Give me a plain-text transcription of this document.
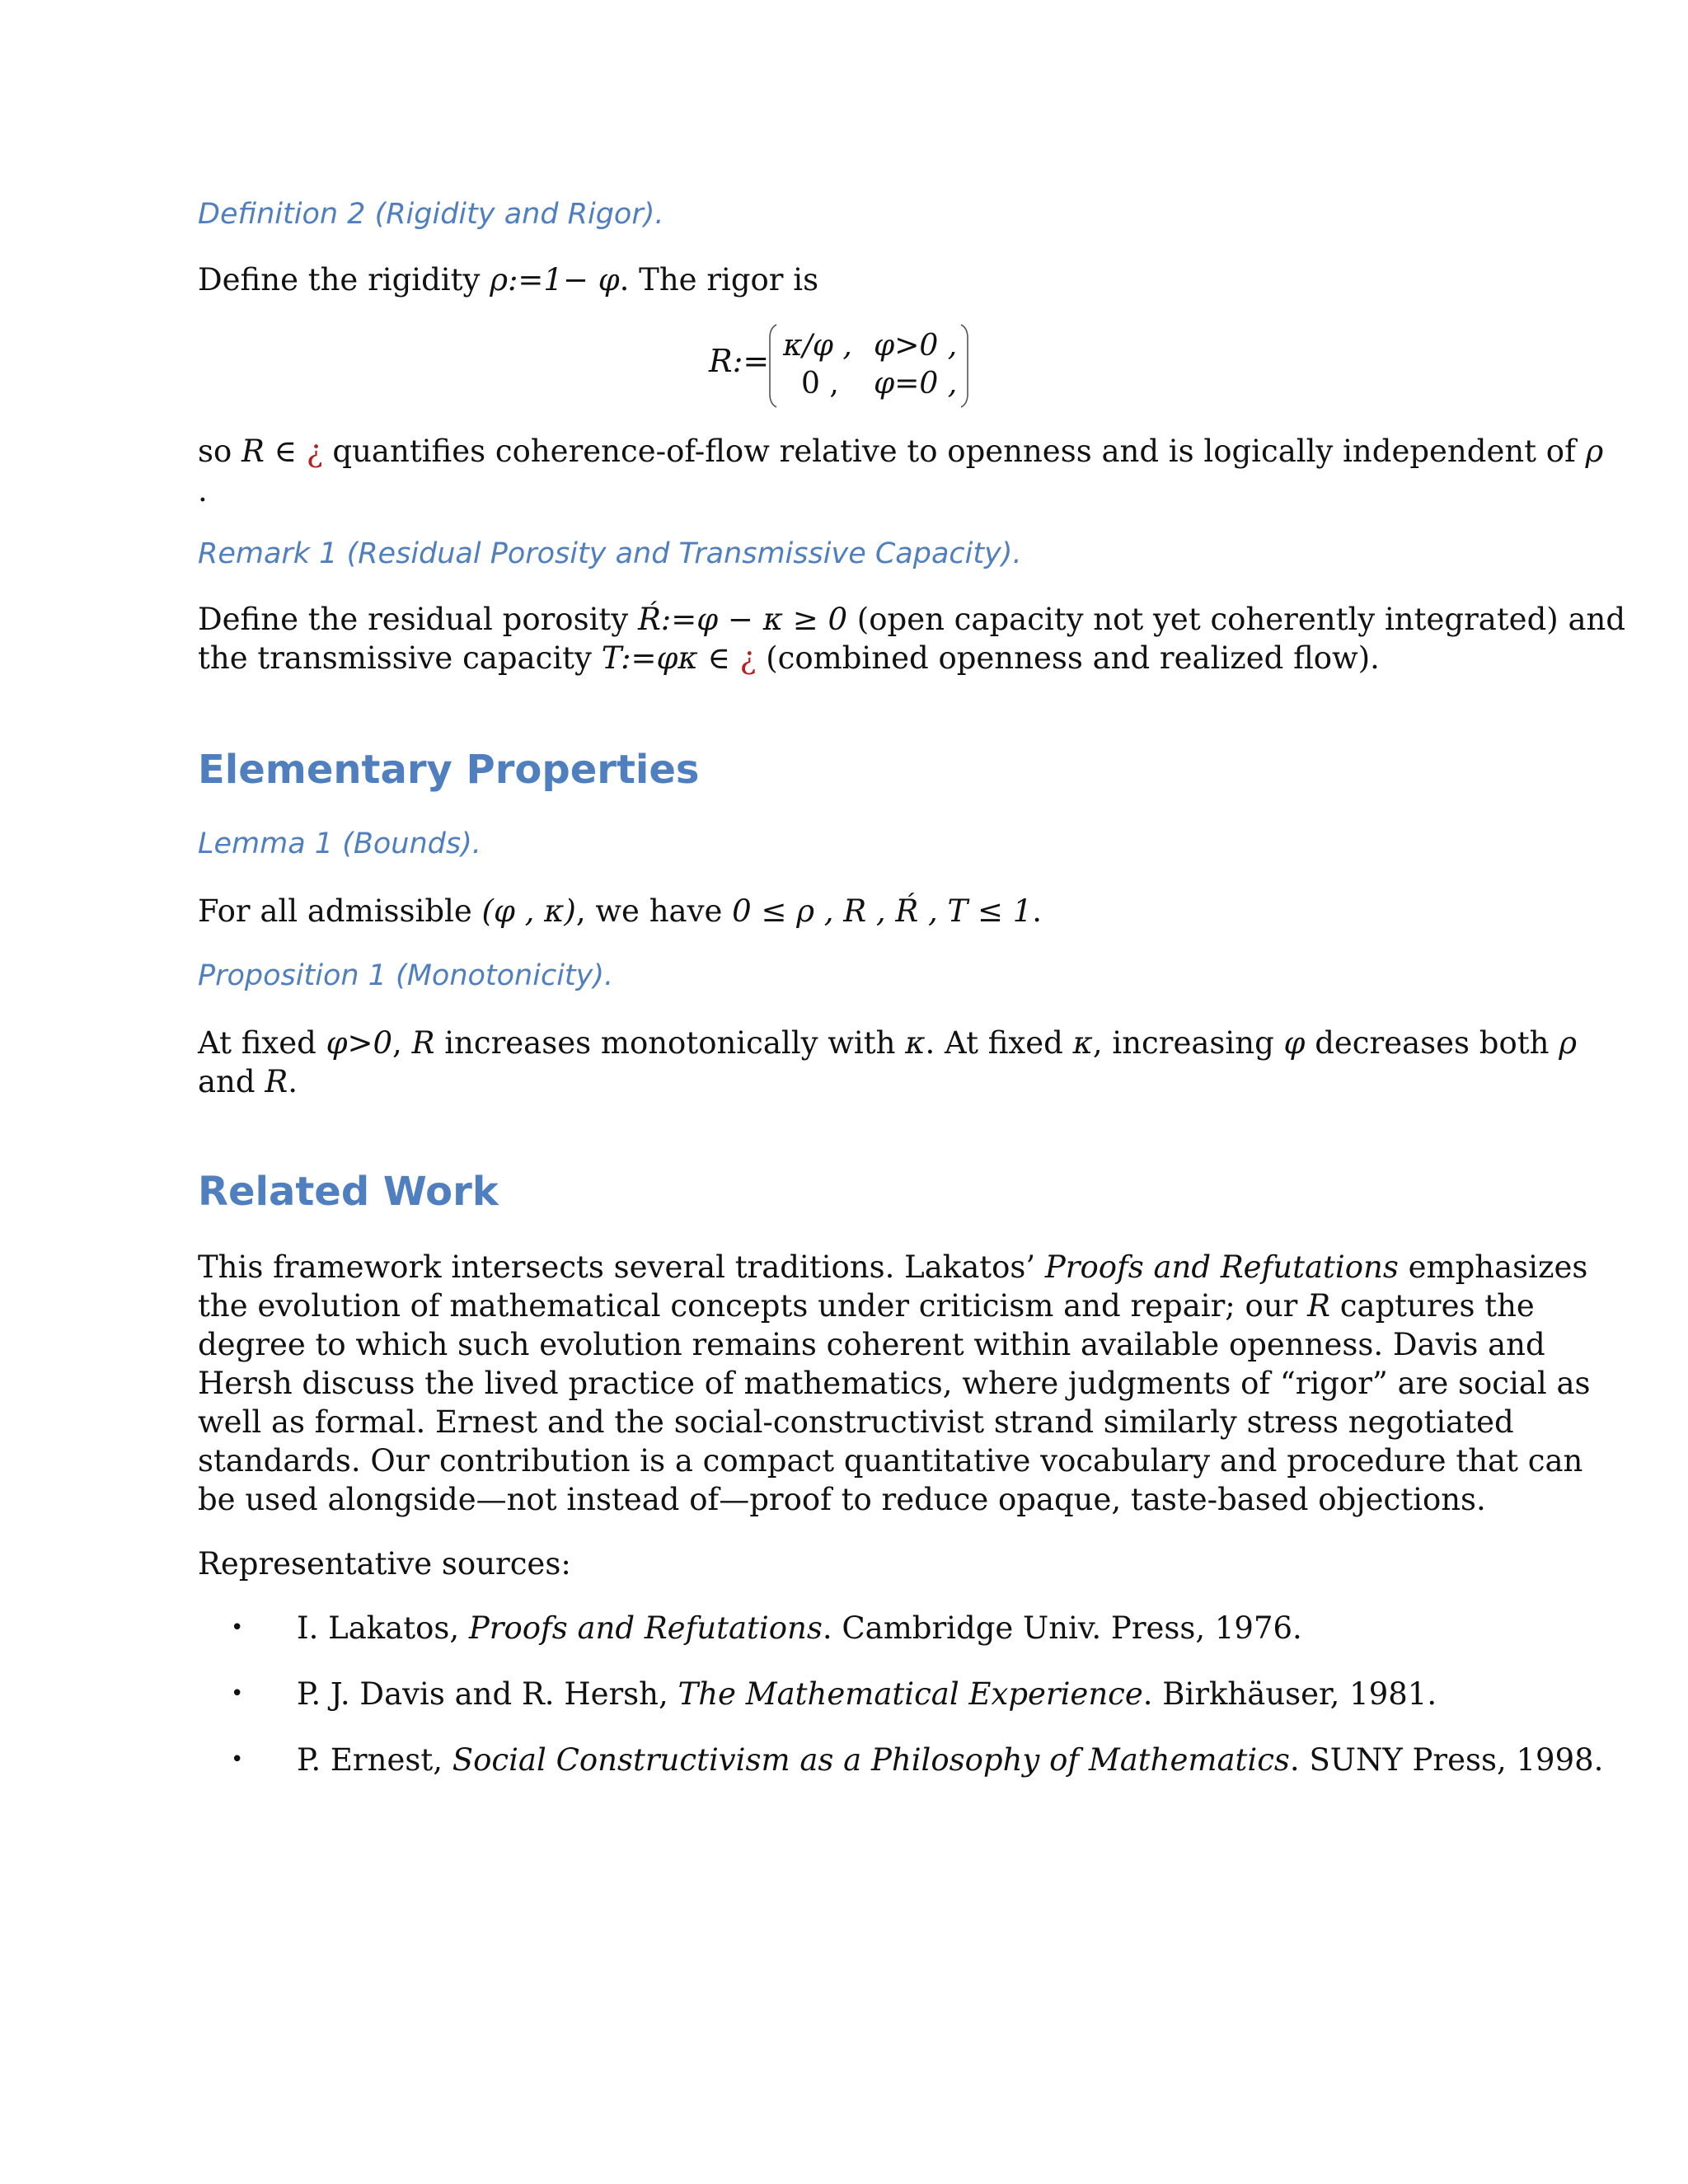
Definition 2 (Rigidity and Rigor).
Define the rigidity ρ:=1− φ. The rigor is
R:= κ/φ , φ>0 ,
0 , φ=0 ,
so R ∈ ¿ quantifies coherence-of-flow relative to openness and is logically independent of ρ
.
Remark 1 (Residual Porosity and Transmissive Capacity).
Define the residual porosity Ŕ:=φ − κ ≥ 0 (open capacity not yet coherently integrated) and
the transmissive capacity T:=φκ ∈ ¿ (combined openness and realized flow).
Elementary Properties
Lemma 1 (Bounds).
For all admissible (φ , κ), we have 0 ≤ ρ , R , Ŕ , T ≤ 1.
Proposition 1 (Monotonicity).
At fixed φ>0, R increases monotonically with κ. At fixed κ, increasing φ decreases both ρ
and R.
Related Work
This framework intersects several traditions. Lakatos’ Proofs and Refutations emphasizes
the evolution of mathematical concepts under criticism and repair; our R captures the
degree to which such evolution remains coherent within available openness. Davis and
Hersh discuss the lived practice of mathematics, where judgments of “rigor” are social as
well as formal. Ernest and the social-constructivist strand similarly stress negotiated
standards. Our contribution is a compact quantitative vocabulary and procedure that can
be used alongside—not instead of—proof to reduce opaque, taste-based objections.
Representative sources:
• I. Lakatos, Proofs and Refutations. Cambridge Univ. Press, 1976.
• P. J. Davis and R. Hersh, The Mathematical Experience. Birkhäuser, 1981.
• P. Ernest, Social Constructivism as a Philosophy of Mathematics. SUNY Press, 1998.
